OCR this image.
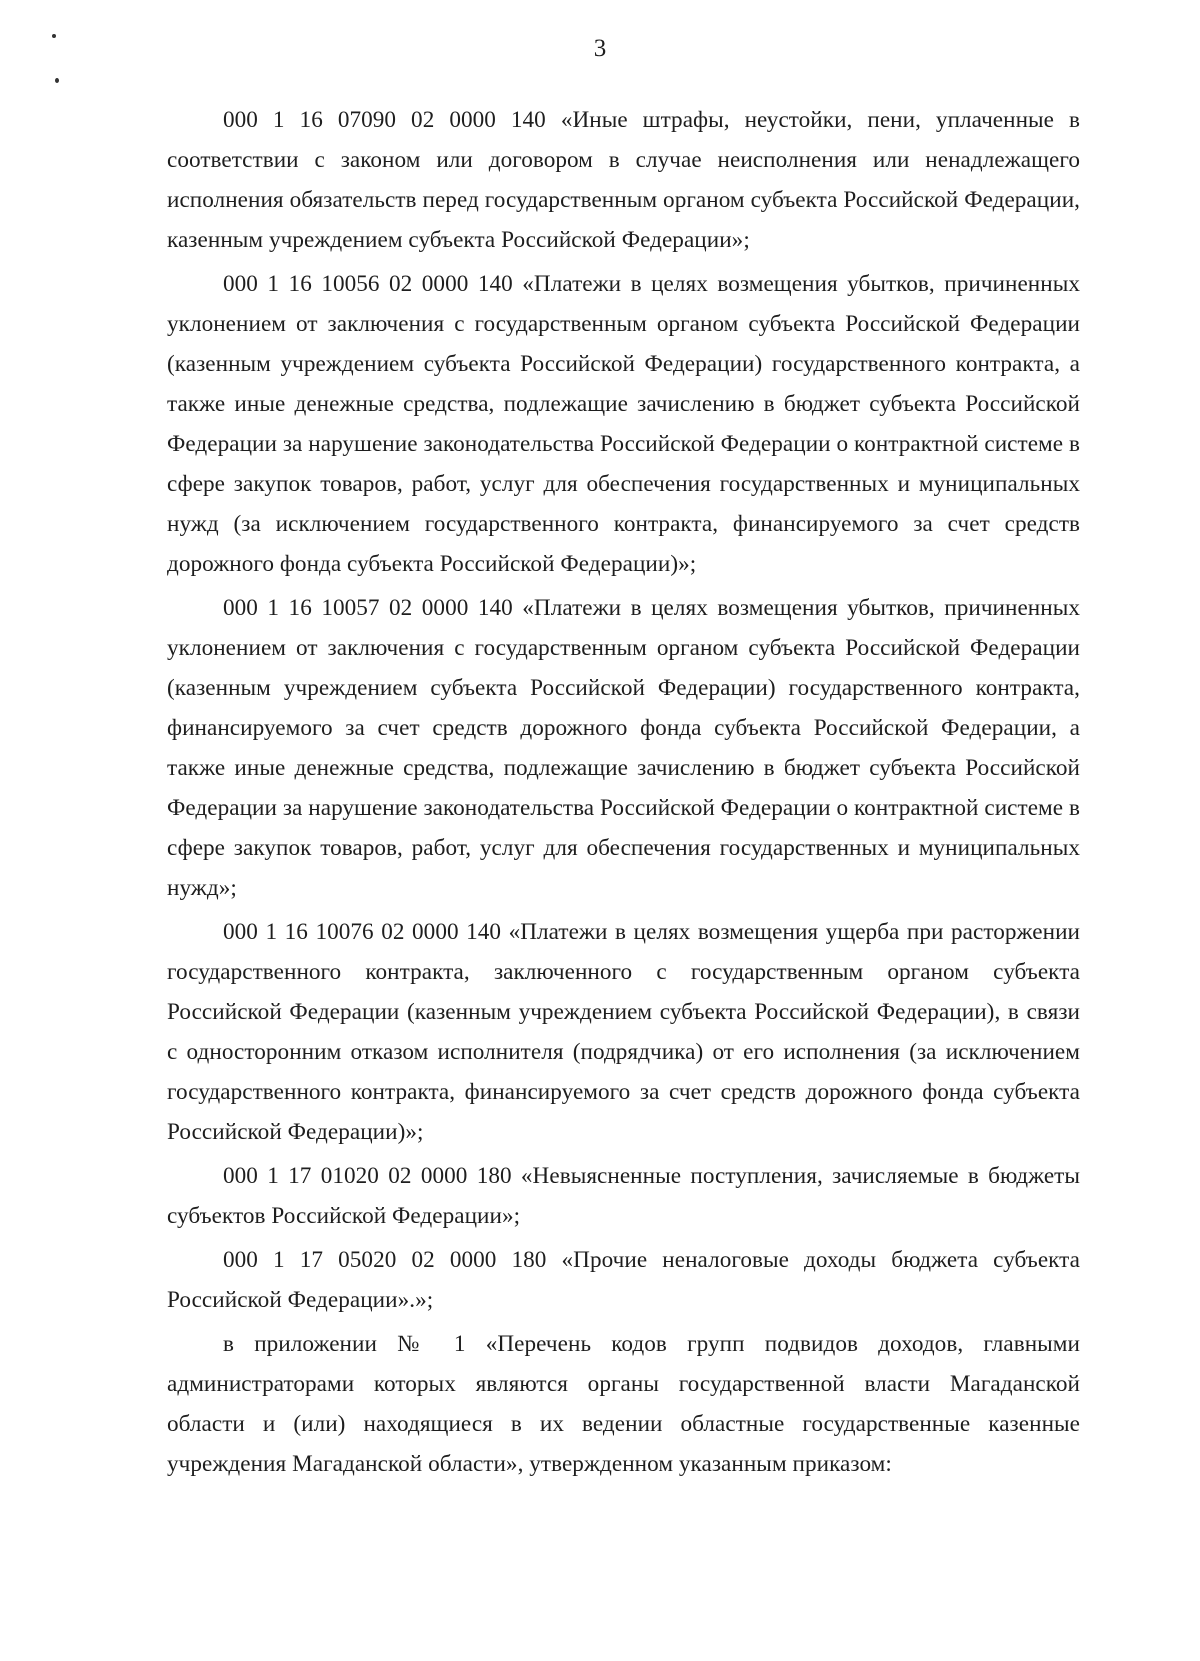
3

000 1 16 07090 02 0000 140 «Иные штрафы, неустойки, пени, уплаченные в соответствии с законом или договором в случае неисполнения или ненадлежащего исполнения обязательств перед государственным органом субъекта Российской Федерации, казенным учреждением субъекта Российской Федерации»;

000 1 16 10056 02 0000 140 «Платежи в целях возмещения убытков, причиненных уклонением от заключения с государственным органом субъекта Российской Федерации (казенным учреждением субъекта Российской Федерации) государственного контракта, а также иные денежные средства, подлежащие зачислению в бюджет субъекта Российской Федерации за нарушение законодательства Российской Федерации о контрактной системе в сфере закупок товаров, работ, услуг для обеспечения государственных и муниципальных нужд (за исключением государственного контракта, финансируемого за счет средств дорожного фонда субъекта Российской Федерации)»;

000 1 16 10057 02 0000 140 «Платежи в целях возмещения убытков, причиненных уклонением от заключения с государственным органом субъекта Российской Федерации (казенным учреждением субъекта Российской Федерации) государственного контракта, финансируемого за счет средств дорожного фонда субъекта Российской Федерации, а также иные денежные средства, подлежащие зачислению в бюджет субъекта Российской Федерации за нарушение законодательства Российской Федерации о контрактной системе в сфере закупок товаров, работ, услуг для обеспечения государственных и муниципальных нужд»;

000 1 16 10076 02 0000 140 «Платежи в целях возмещения ущерба при расторжении государственного контракта, заключенного с государственным органом субъекта Российской Федерации (казенным учреждением субъекта Российской Федерации), в связи с односторонним отказом исполнителя (подрядчика) от его исполнения (за исключением государственного контракта, финансируемого за счет средств дорожного фонда субъекта Российской Федерации)»;

000 1 17 01020 02 0000 180 «Невыясненные поступления, зачисляемые в бюджеты субъектов Российской Федерации»;

000 1 17 05020 02 0000 180 «Прочие неналоговые доходы бюджета субъекта Российской Федерации».»;

в приложении № 1 «Перечень кодов групп подвидов доходов, главными администраторами которых являются органы государственной власти Магаданской области и (или) находящиеся в их ведении областные государственные казенные учреждения Магаданской области», утвержденном указанным приказом:
